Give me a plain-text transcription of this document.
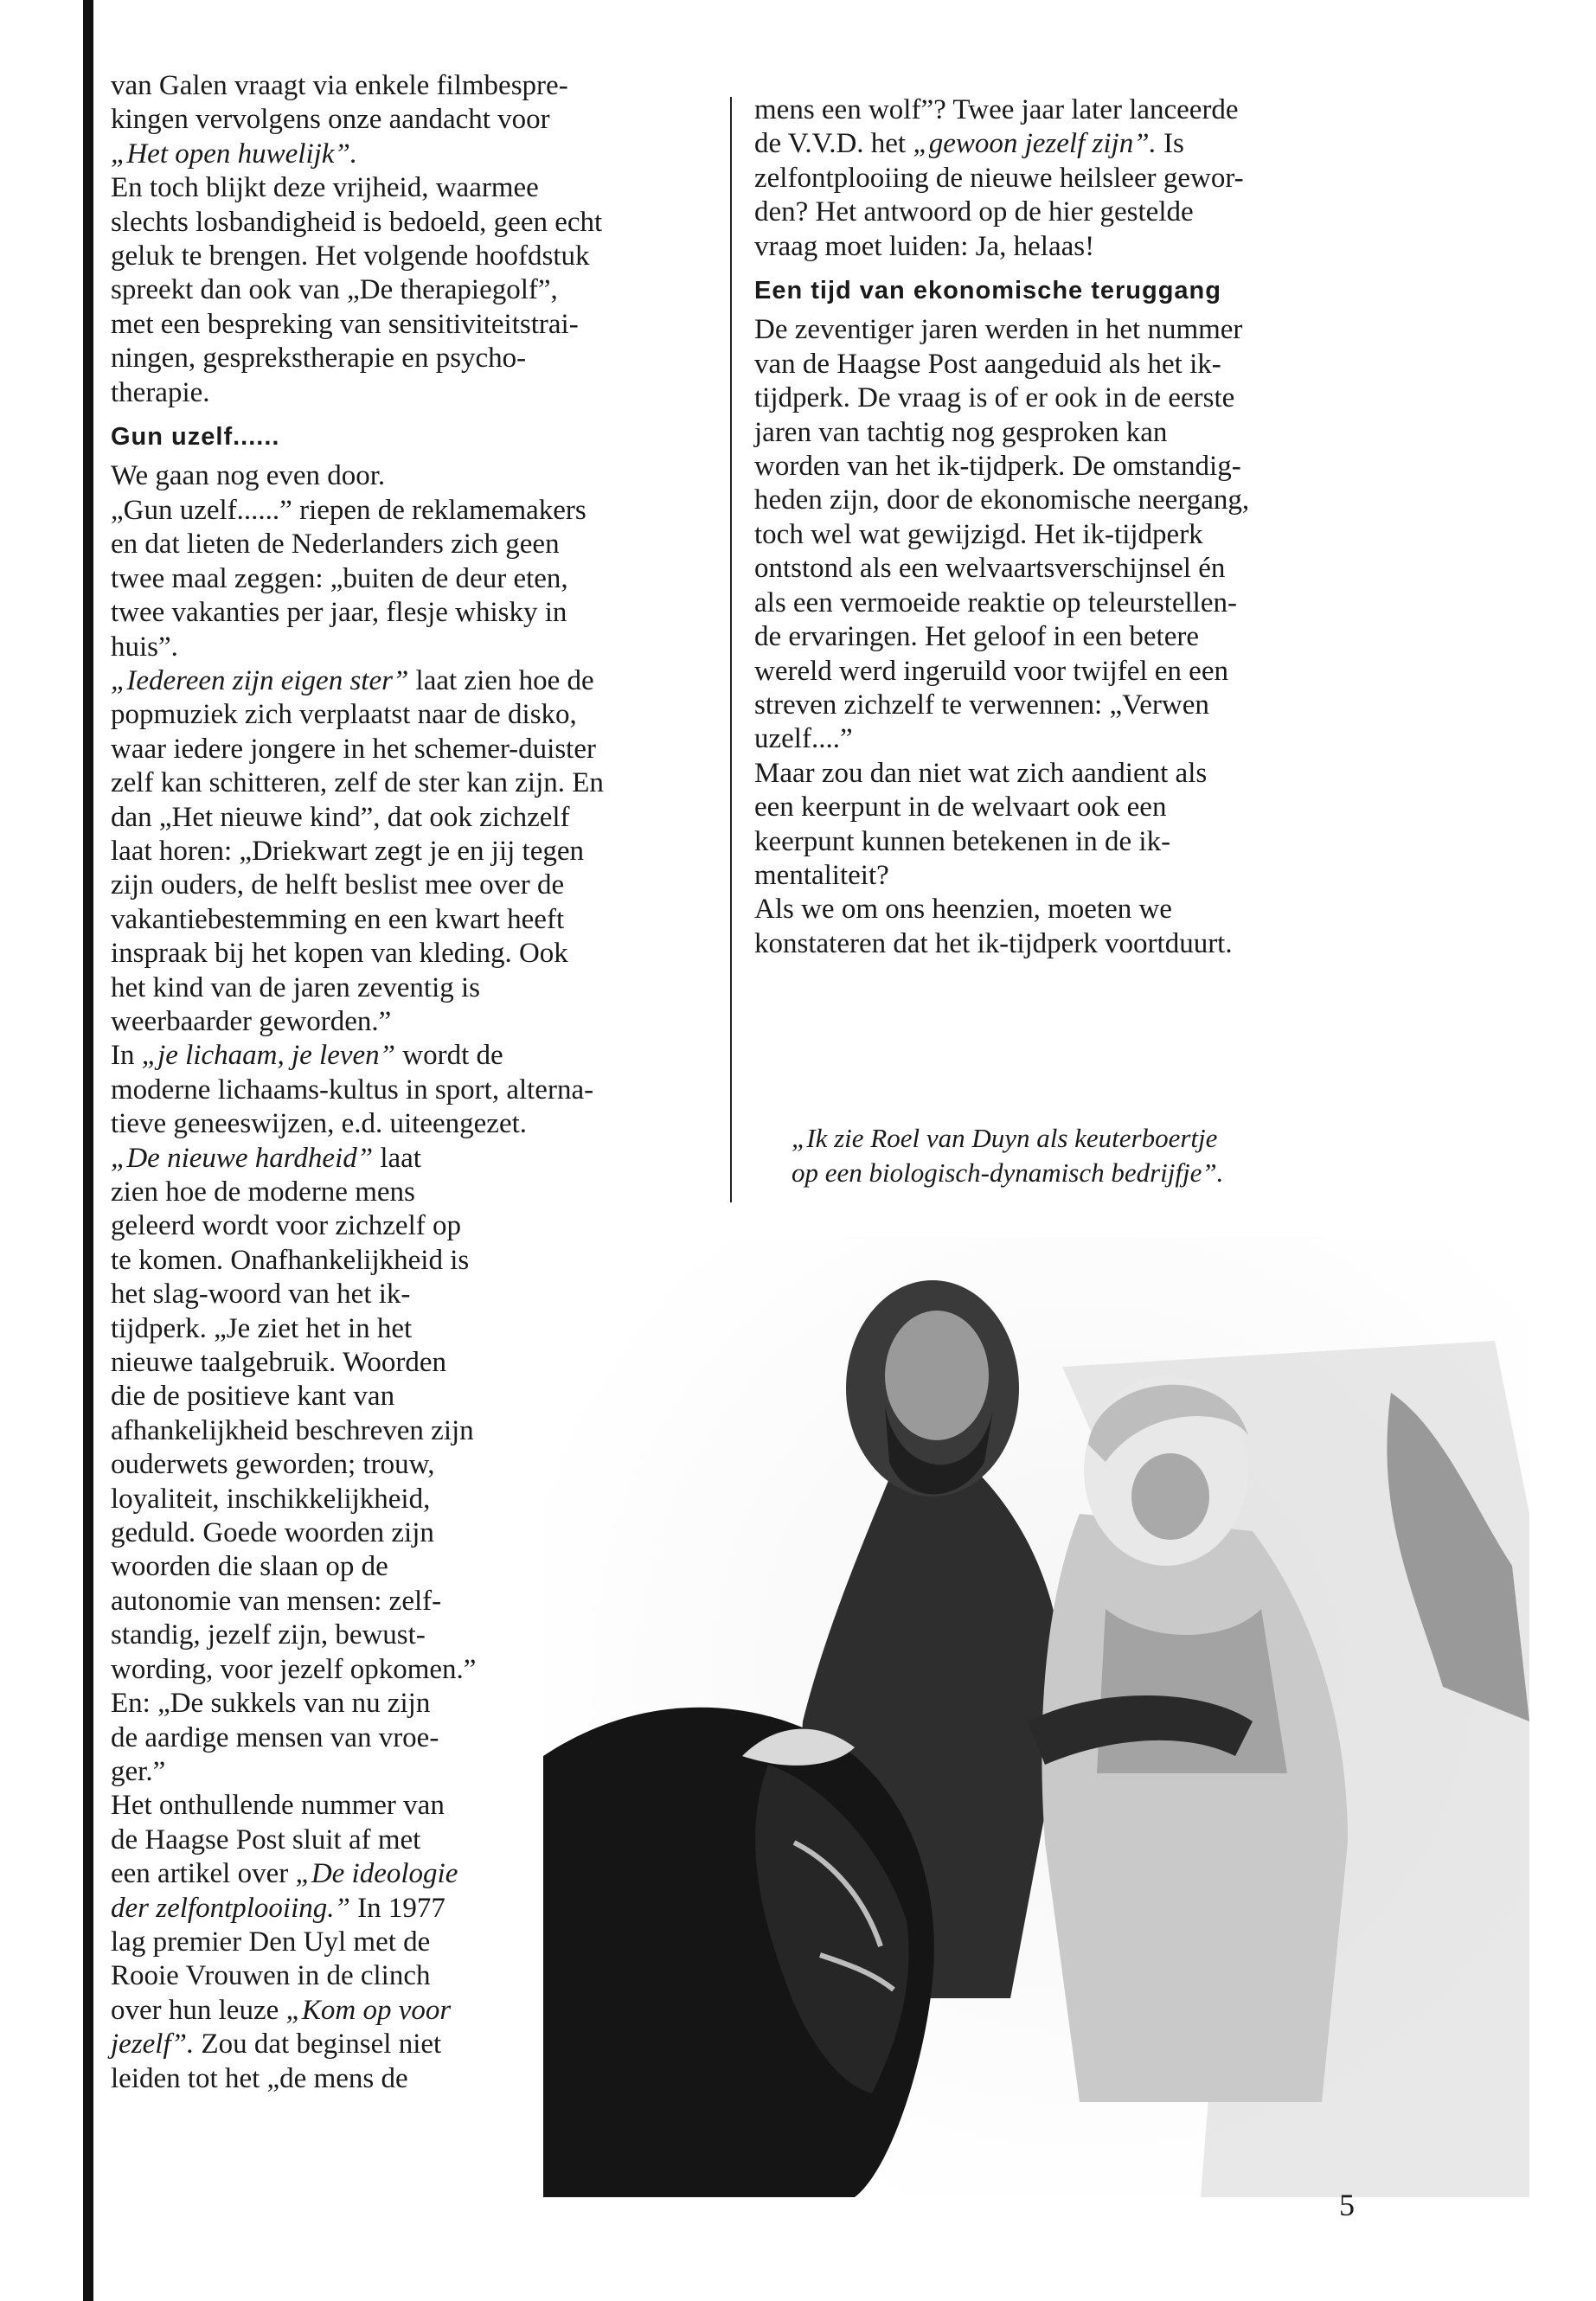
van Galen vraagt via enkele filmbespre-
kingen vervolgens onze aandacht voor
„Het open huwelijk”.

En toch blijkt deze vrijheid, waarmee
slechts losbandigheid is bedoeld, geen echt
geluk te brengen. Het volgende hoofdstuk
spreekt dan ook van „De therapiegolf”,
met een bespreking van sensitiviteitstrai-
ningen, gesprekstherapie en psycho-
therapie.

Gun uzelf......

We gaan nog even door.
„Gun uzelf......” riepen de reklamemakers
en dat lieten de Nederlanders zich geen
twee maal zeggen: „buiten de deur eten,
twee vakanties per jaar, flesje whisky in
huis”.

„Iedereen zijn eigen ster” laat zien hoe de
popmuziek zich verplaatst naar de disko,
waar iedere jongere in het schemer-duister
zelf kan schitteren, zelf de ster kan zijn. En
dan „Het nieuwe kind”, dat ook zichzelf
laat horen: „Driekwart zegt je en jij tegen
zijn ouders, de helft beslist mee over de
vakantiebestemming en een kwart heeft
inspraak bij het kopen van kleding. Ook
het kind van de jaren zeventig is
weerbaarder geworden.”

In „je lichaam, je leven” wordt de
moderne lichaams-kultus in sport, alterna-
tieve geneeswijzen, e.d. uiteengezet.

„De nieuwe hardheid” laat
zien hoe de moderne mens
geleerd wordt voor zichzelf op
te komen. Onafhankelijkheid is
het slag-woord van het ik-
tijdperk. „Je ziet het in het
nieuwe taalgebruik. Woorden
die de positieve kant van
afhankelijkheid beschreven zijn
ouderwets geworden; trouw,
loyaliteit, inschikkelijkheid,
geduld. Goede woorden zijn
woorden die slaan op de
autonomie van mensen: zelf-
standig, jezelf zijn, bewust-
wording, voor jezelf opkomen.”
En: „De sukkels van nu zijn
de aardige mensen van vroe-
ger.”

Het onthullende nummer van
de Haagse Post sluit af met
een artikel over „De ideologie
der zelfontplooiing.” In 1977
lag premier Den Uyl met de
Rooie Vrouwen in de clinch
over hun leuze „Kom op voor
jezelf”. Zou dat beginsel niet
leiden tot het „de mens de

mens een wolf”? Twee jaar later lanceerde
de V.V.D. het „gewoon jezelf zijn”. Is
zelfontplooiing de nieuwe heilsleer gewor-
den? Het antwoord op de hier gestelde
vraag moet luiden: Ja, helaas!

Een tijd van ekonomische teruggang

De zeventiger jaren werden in het nummer
van de Haagse Post aangeduid als het ik-
tijdperk. De vraag is of er ook in de eerste
jaren van tachtig nog gesproken kan
worden van het ik-tijdperk. De omstandig-
heden zijn, door de ekonomische neergang,
toch wel wat gewijzigd. Het ik-tijdperk
ontstond als een welvaartsverschijnsel én
als een vermoeide reaktie op teleurstellen-
de ervaringen. Het geloof in een betere
wereld werd ingeruild voor twijfel en een
streven zichzelf te verwennen: „Verwen
uzelf....”

Maar zou dan niet wat zich aandient als
een keerpunt in de welvaart ook een
keerpunt kunnen betekenen in de ik-
mentaliteit?

Als we om ons heenzien, moeten we
konstateren dat het ik-tijdperk voortduurt.

„Ik zie Roel van Duyn als keuterboertje
op een biologisch-dynamisch bedrijfje”.

5
